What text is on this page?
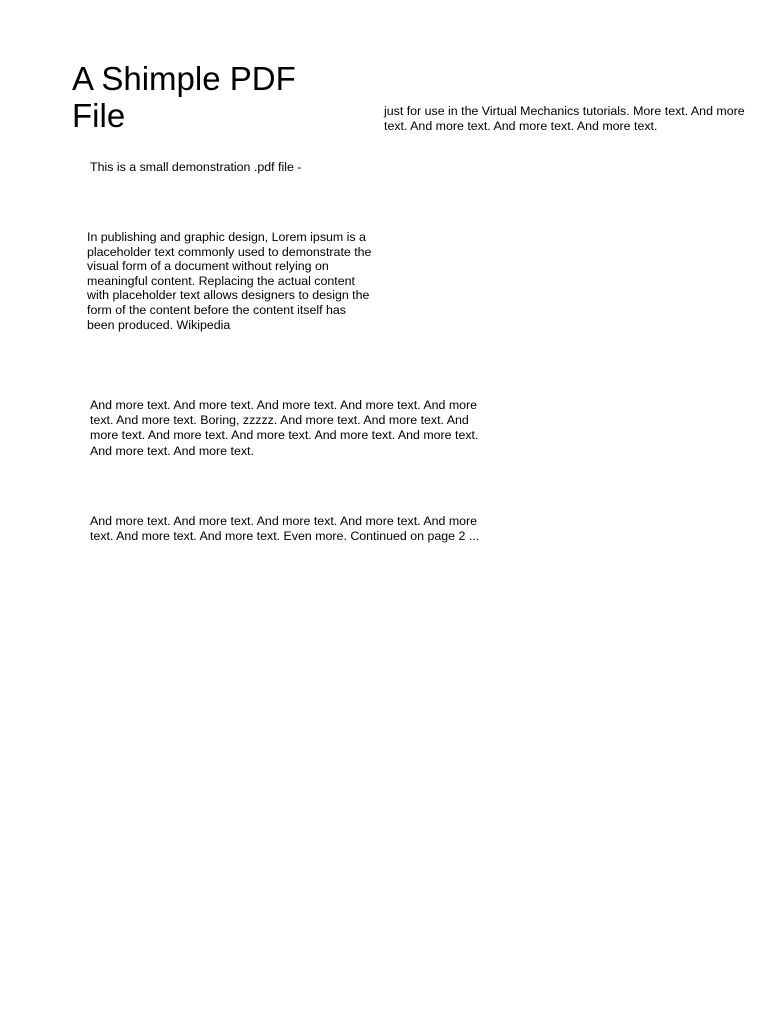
A Shimple PDF
File	just for use in the Virtual Mechanics tutorials. More text. And more text. And more text. And more text. And more text.

This is a small demonstration .pdf file -

In publishing and graphic design, Lorem ipsum is a placeholder text commonly used to demonstrate the visual form of a document without relying on meaningful content. Replacing the actual content with placeholder text allows designers to design the form of the content before the content itself has been produced. Wikipedia

And more text. And more text. And more text. And more text. And more text. And more text. Boring, zzzzz. And more text. And more text. And more text. And more text. And more text. And more text. And more text. And more text. And more text.

And more text. And more text. And more text. And more text. And more text. And more text. And more text. Even more. Continued on page 2 ...
